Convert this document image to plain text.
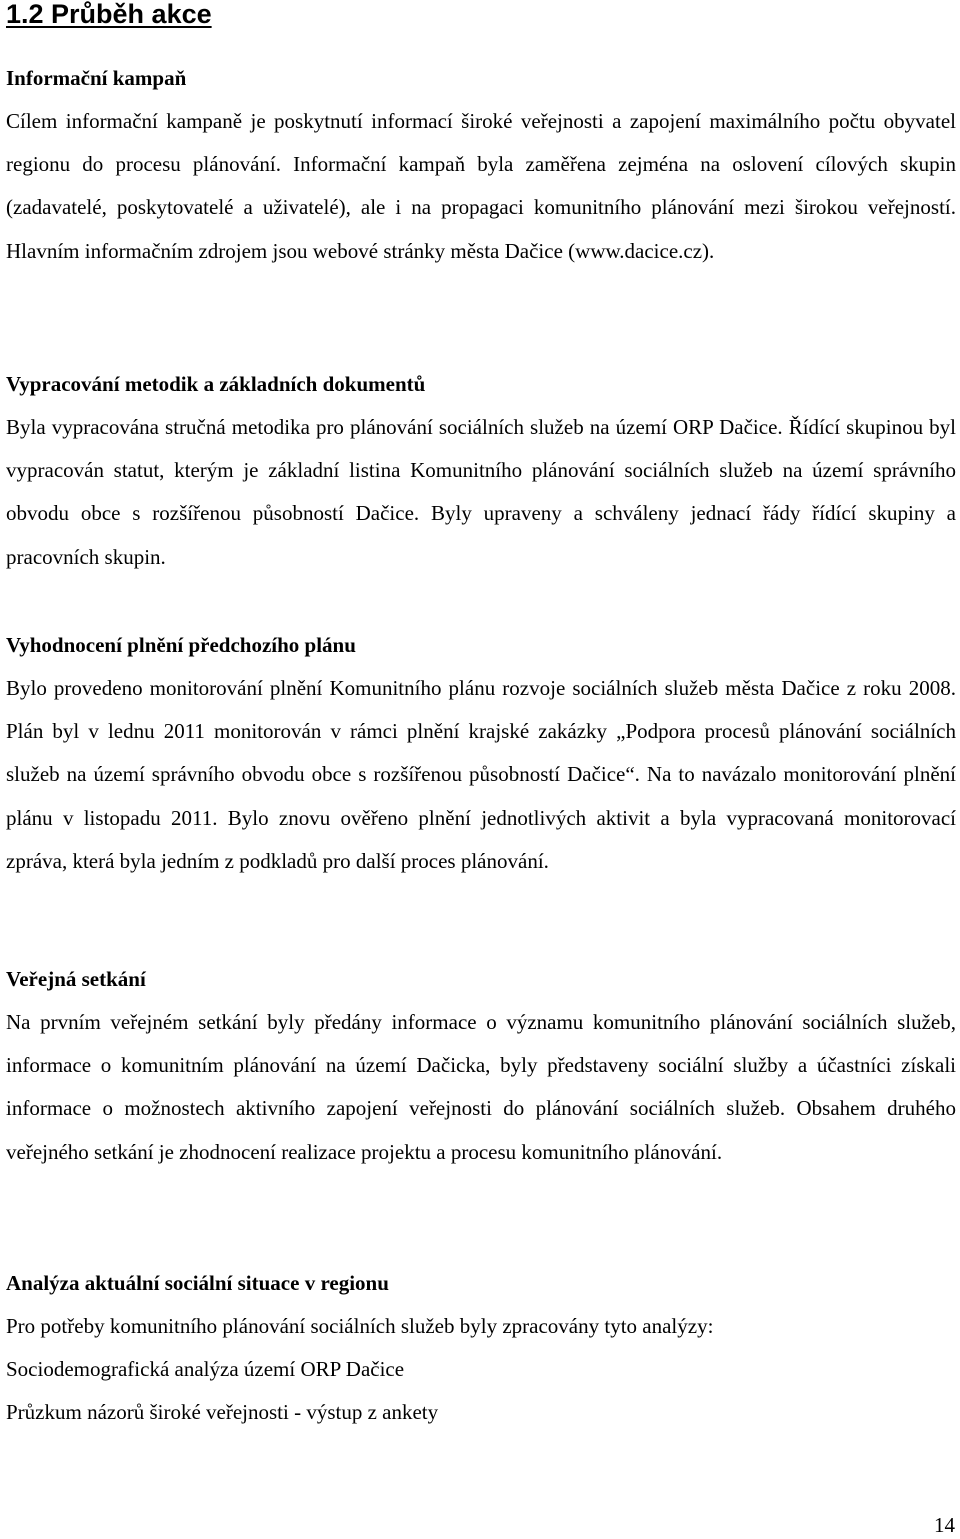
1.2 Průběh akce
Informační kampaň

Cílem informační kampaně je poskytnutí informací široké veřejnosti a zapojení maximálního počtu obyvatel regionu do procesu plánování. Informační kampaň byla zaměřena zejména na oslovení cílových skupin (zadavatelé, poskytovatelé a uživatelé), ale i na propagaci komunitního plánování mezi širokou veřejností. Hlavním informačním zdrojem jsou webové stránky města Dačice (www.dacice.cz).

Vypracování metodik a základních dokumentů

Byla vypracována stručná metodika pro plánování sociálních služeb na území ORP Dačice. Řídící skupinou byl vypracován statut, kterým je základní listina Komunitního plánování sociálních služeb na území správního obvodu obce s rozšířenou působností Dačice. Byly upraveny a schváleny jednací řády řídící skupiny a pracovních skupin.

Vyhodnocení plnění předchozího plánu

Bylo provedeno monitorování plnění Komunitního plánu rozvoje sociálních služeb města Dačice z roku 2008. Plán byl v lednu 2011 monitorován v rámci plnění krajské zakázky „Podpora procesů plánování sociálních služeb na území správního obvodu obce s rozšířenou působností Dačice“. Na to navázalo monitorování plnění plánu v listopadu 2011. Bylo znovu ověřeno plnění jednotlivých aktivit a byla vypracovaná monitorovací zpráva, která byla jedním z podkladů pro další proces plánování.

Veřejná setkání

Na prvním veřejném setkání byly předány informace o významu komunitního plánování sociálních služeb, informace o komunitním plánování na území Dačicka, byly představeny sociální služby a účastníci získali informace o možnostech aktivního zapojení veřejnosti do plánování sociálních služeb. Obsahem druhého veřejného setkání je zhodnocení realizace projektu a procesu komunitního plánování.

Analýza aktuální sociální situace v regionu

Pro potřeby komunitního plánování sociálních služeb byly zpracovány tyto analýzy:

Sociodemografická analýza území ORP Dačice

Průzkum názorů široké veřejnosti - výstup z ankety

14
